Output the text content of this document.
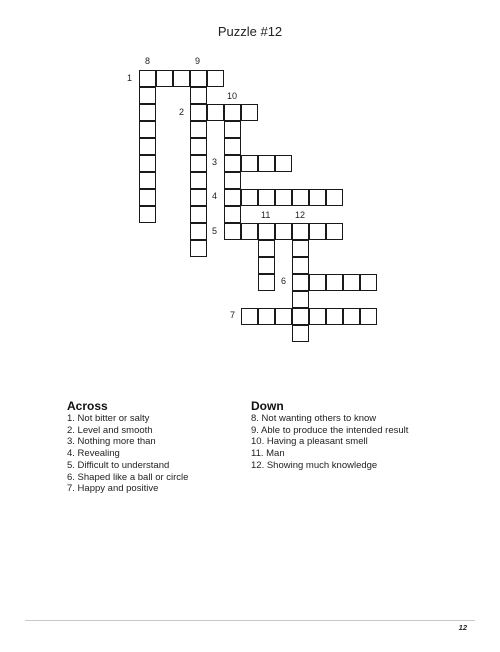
Puzzle #12
1
8	9
10
2
3
4
11	12
5
6
7
Across
1. Not bitter or salty
2. Level and smooth
3. Nothing more than
4. Revealing
5. Difficult to understand
6. Shaped like a ball or circle
7. Happy and positive
Down
8. Not wanting others to know
9. Able to produce the intended result
10. Having a pleasant smell
11. Man
12. Showing much knowledge
12
